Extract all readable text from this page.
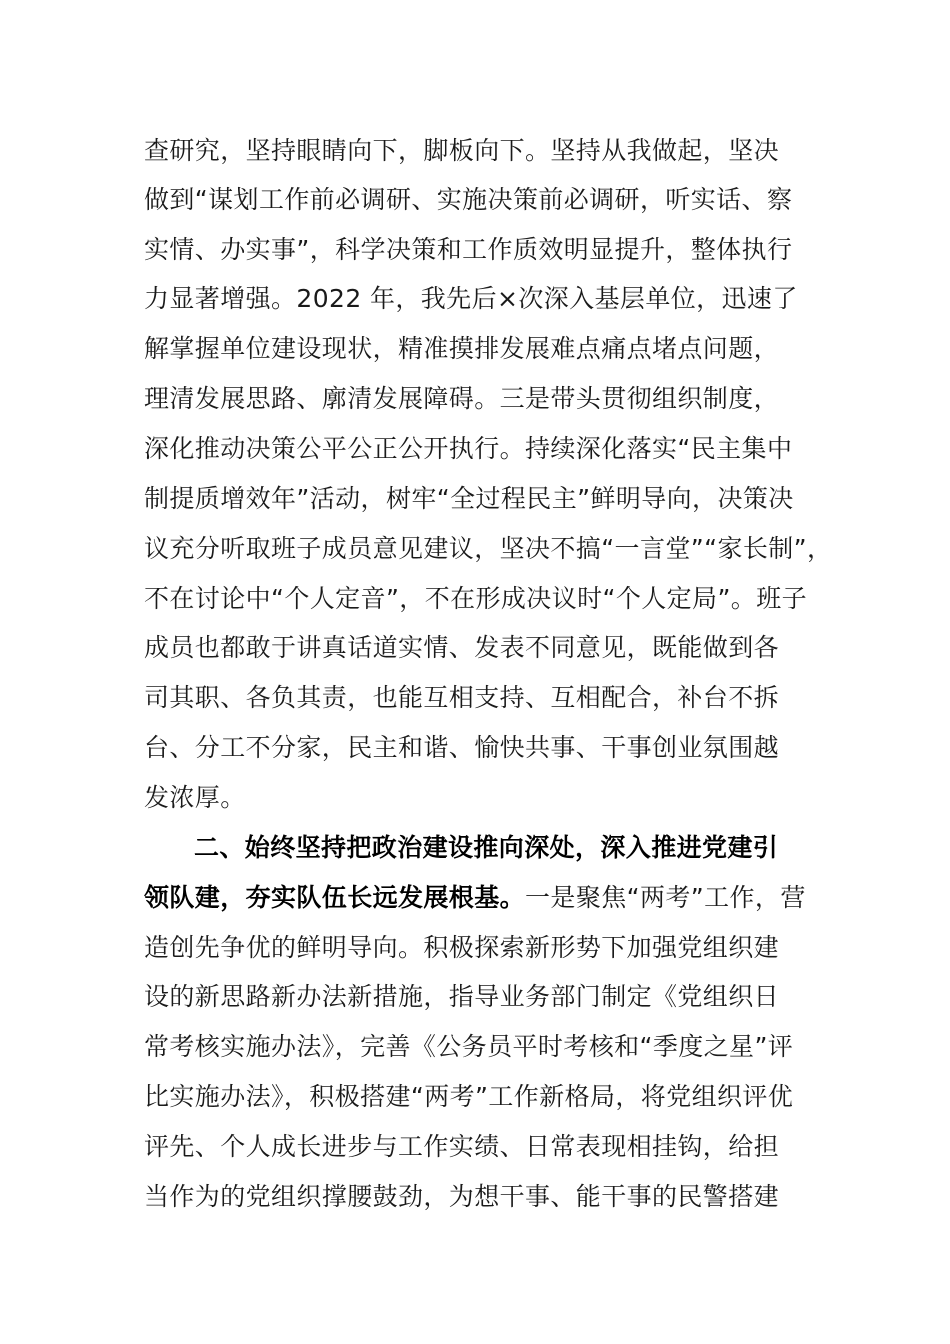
查研究，坚持眼睛向下，脚板向下。坚持从我做起，坚决
做到“谋划工作前必调研、实施决策前必调研，听实话、察
实情、办实事”，科学决策和工作质效明显提升，整体执行
力显著增强。2022 年，我先后×次深入基层单位，迅速了
解掌握单位建设现状，精准摸排发展难点痛点堵点问题，
理清发展思路、廓清发展障碍。三是带头贯彻组织制度，
深化推动决策公平公正公开执行。持续深化落实“民主集中
制提质增效年”活动，树牢“全过程民主”鲜明导向，决策决
议充分听取班子成员意见建议，坚决不搞“一言堂”“家长制”，
不在讨论中“个人定音”，不在形成决议时“个人定局”。班子
成员也都敢于讲真话道实情、发表不同意见，既能做到各
司其职、各负其责，也能互相支持、互相配合，补台不拆
台、分工不分家，民主和谐、愉快共事、干事创业氛围越
发浓厚。
二、始终坚持把政治建设推向深处，深入推进党建引
领队建，夯实队伍长远发展根基。一是聚焦“两考”工作，营
造创先争优的鲜明导向。积极探索新形势下加强党组织建
设的新思路新办法新措施，指导业务部门制定《党组织日
常考核实施办法》，完善《公务员平时考核和“季度之星”评
比实施办法》，积极搭建“两考”工作新格局，将党组织评优
评先、个人成长进步与工作实绩、日常表现相挂钩，给担
当作为的党组织撑腰鼓劲，为想干事、能干事的民警搭建
